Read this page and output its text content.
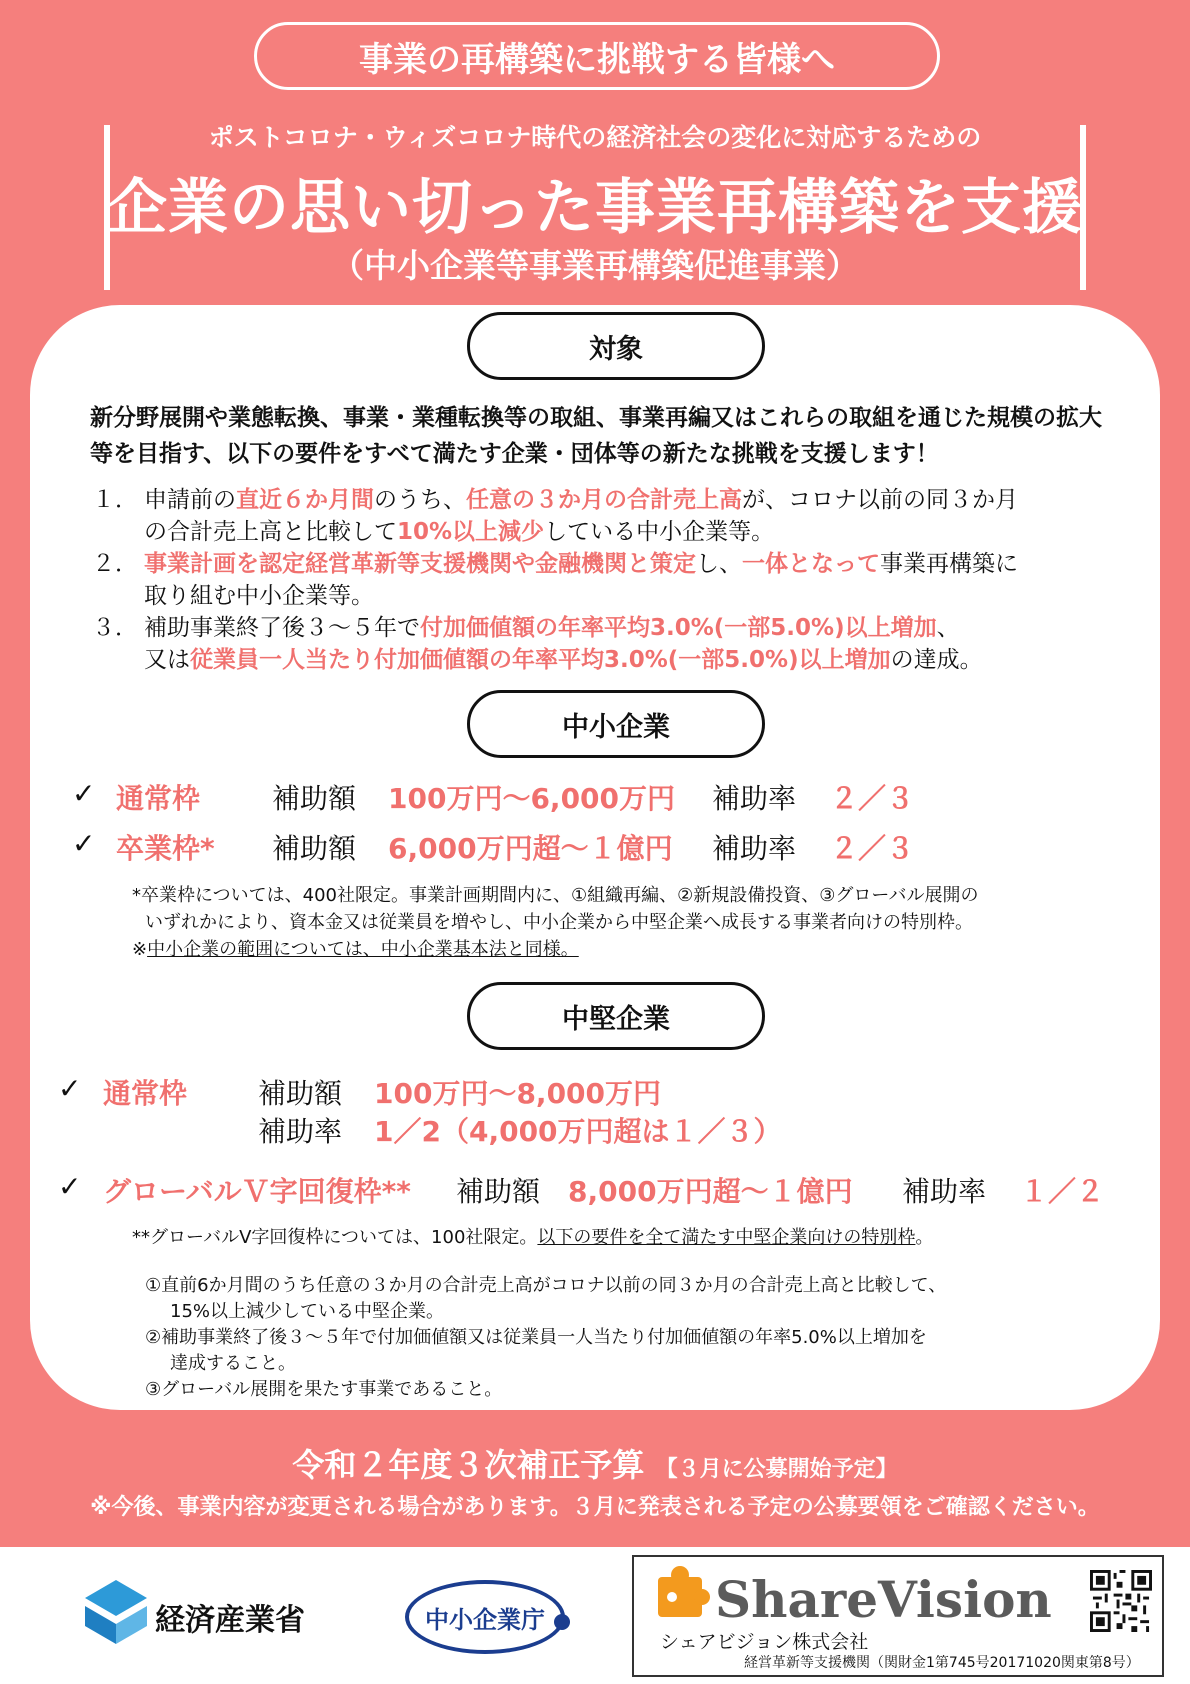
事業の再構築に挑戦する皆様へ
ポストコロナ・ウィズコロナ時代の経済社会の変化に対応するための
企業の思い切った事業再構築を支援
（中小企業等事業再構築促進事業）
対象
新分野展開や業態転換、事業・業種転換等の取組、事業再編又はこれらの取組を通じた規模の拡大等を目指す、以下の要件をすべて満たす企業・団体等の新たな挑戦を支援します！
１． 申請前の直近６か月間のうち、任意の３か月の合計売上高が、コロナ以前の同３か月
の合計売上高と比較して10%以上減少している中小企業等。
２． 事業計画を認定経営革新等支援機関や金融機関と策定し、一体となって事業再構築に
取り組む中小企業等。
３． 補助事業終了後３～５年で付加価値額の年率平均3.0%(一部5.0%)以上増加、
又は従業員一人当たり付加価値額の年率平均3.0%(一部5.0%)以上増加の達成。
中小企業
✓ 通常枠	補助額 100万円～6,000万円 補助率 ２／３
✓ 卒業枠* 補助額 6,000万円超～１億円 補助率 ２／３
*卒業枠については、400社限定。事業計画期間内に、①組織再編、②新規設備投資、③グローバル展開の
いずれかにより、資本金又は従業員を増やし、中小企業から中堅企業へ成長する事業者向けの特別枠。
※中小企業の範囲については、中小企業基本法と同様。
中堅企業
✓ 通常枠	補助額 100万円～8,000万円
補助率 1／2（4,000万円超は１／３）
✓ グローバルＶ字回復枠** 補助額 8,000万円超～１億円 補助率 １／２
**グローバルV字回復枠については、100社限定。以下の要件を全て満たす中堅企業向けの特別枠。
①直前6か月間のうち任意の３か月の合計売上高がコロナ以前の同３か月の合計売上高と比較して、
15%以上減少している中堅企業。
②補助事業終了後３～５年で付加価値額又は従業員一人当たり付加価値額の年率5.0%以上増加を
達成すること。
③グローバル展開を果たす事業であること。
令和２年度３次補正予算 【３月に公募開始予定】
※今後、事業内容が変更される場合があります。３月に発表される予定の公募要領をご確認ください。
経済産業省	中小企業庁	ShareVision
シェアビジョン株式会社
経営革新等支援機関（関財金1第745号20171020関東第8号）
